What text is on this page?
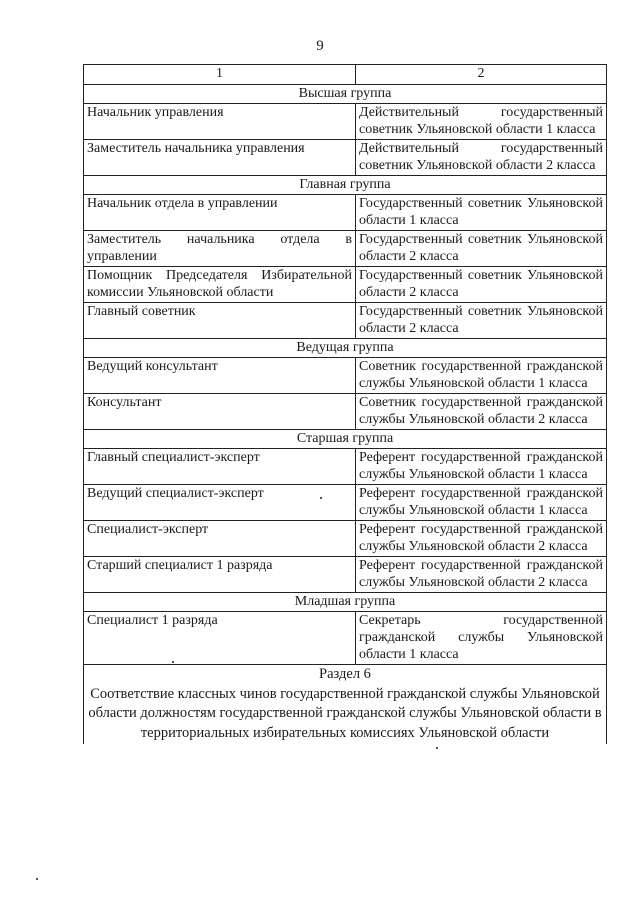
9
1	2
Высшая группа	
Начальник управления	Действительный государственный советник Ульяновской области 1 класса
Заместитель начальника управления	Действительный государственный советник Ульяновской области 2 класса
Главная группа	
Начальник отдела в управлении	Государственный советник Ульяновской области 1 класса
Заместитель начальника отдела в управлении	Государственный советник Ульяновской области 2 класса
Помощник Председателя Избирательной комиссии Ульяновской области	Государственный советник Ульяновской области 2 класса
Главный советник	Государственный советник Ульяновской области 2 класса
Ведущая группа	
Ведущий консультант	Советник государственной гражданской службы Ульяновской области 1 класса
Консультант	Советник государственной гражданской службы Ульяновской области 2 класса
Старшая группа	
Главный специалист-эксперт	Референт государственной гражданской службы Ульяновской области 1 класса
Ведущий специалист-эксперт	Референт государственной гражданской службы Ульяновской области 1 класса
Специалист-эксперт	Референт государственной гражданской службы Ульяновской области 2 класса
Старший специалист 1 разряда	Референт государственной гражданской службы Ульяновской области 2 класса
Младшая группа	
Специалист 1 разряда	Секретарь государственной гражданской службы Ульяновской области 1 класса

Раздел 6
Соответствие классных чинов государственной гражданской службы Ульяновской области должностям государственной гражданской службы Ульяновской области в территориальных избирательных комиссиях Ульяновской области	
